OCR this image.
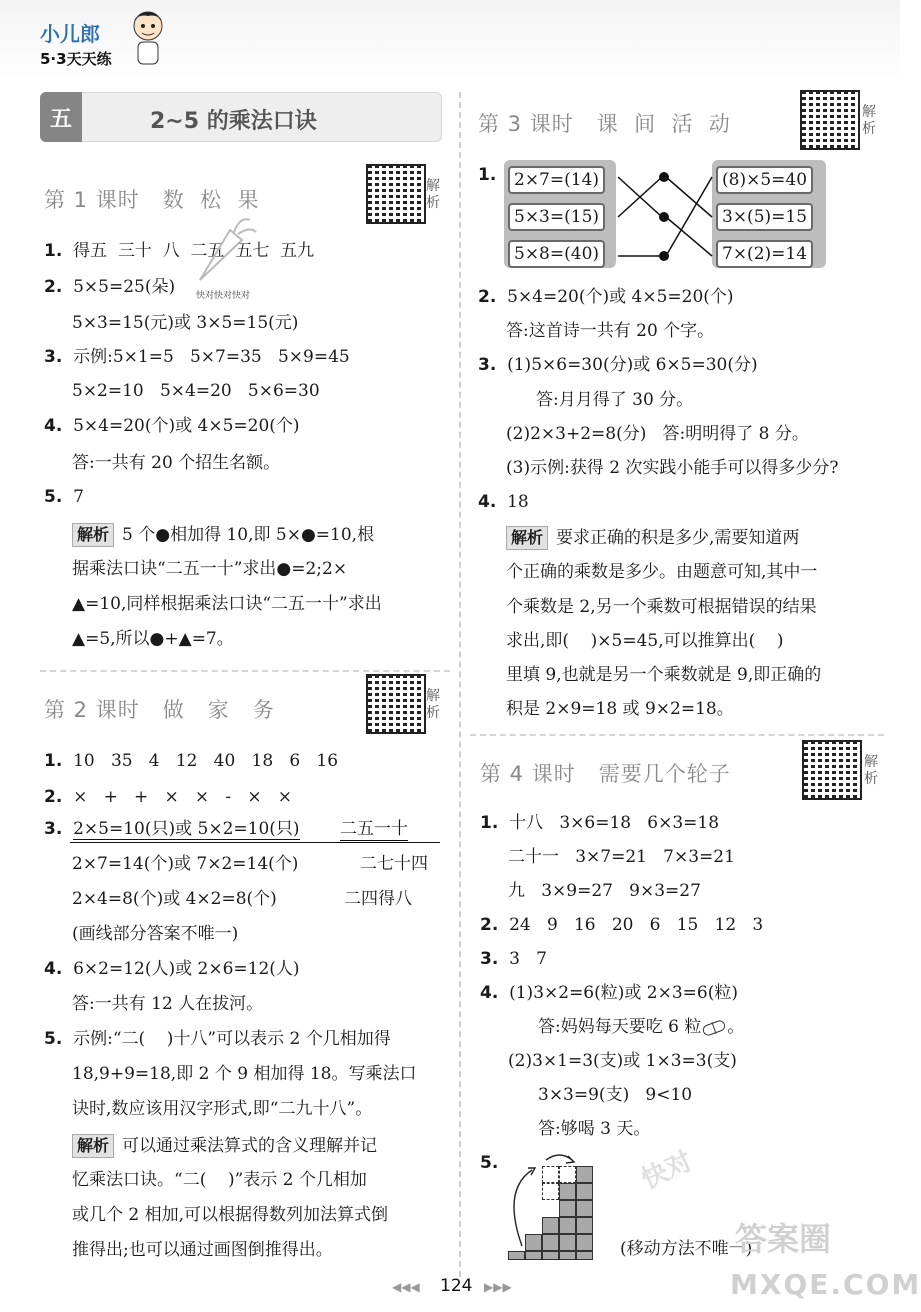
小儿郎
5·3天天练
五	2~5 的乘法口诀
第 1 课时   数  松  果
解析
1. 得五  三十  八  二五  五七  五九
快对快对快对
2. 5×5=25(朵)
5×3=15(元)或 3×5=15(元)
3. 示例:5×1=5   5×7=35   5×9=45
5×2=10   5×4=20   5×6=30
4. 5×4=20(个)或 4×5=20(个)
答:一共有 20 个招生名额。
5. 7
解析 5 个●相加得 10,即 5×●=10,根
据乘法口诀“二五一十”求出●=2;2×
▲=10,同样根据乘法口诀“二五一十”求出
▲=5,所以●+▲=7。
第 2 课时   做   家   务
解析
1. 10   35   4   12   40   18   6   16
2. ×   +   +   ×   ×   -   ×   ×
3. 2×5=10(只)或 5×2=10(只) 二五一十
2×7=14(个)或 7×2=14(个)	二七十四
2×4=8(个)或 4×2=8(个)	二四得八
(画线部分答案不唯一)
4. 6×2=12(人)或 2×6=12(人)
答:一共有 12 人在拔河。
5. 示例:“二(    )十八”可以表示 2 个几相加得
18,9+9=18,即 2 个 9 相加得 18。写乘法口
诀时,数应该用汉字形式,即“二九十八”。
解析 可以通过乘法算式的含义理解并记
忆乘法口诀。“二(    )”表示 2 个几相加
或几个 2 相加,可以根据得数列加法算式倒
推得出;也可以通过画图倒推得出。
第 3 课时   课  间  活  动	解析
1.	2×7=(14)
5×3=(15)
5×8=(40)
(8)×5=40
3×(5)=15
7×(2)=14
2. 5×4=20(个)或 4×5=20(个)
答:这首诗一共有 20 个字。
3. (1)5×6=30(分)或 6×5=30(分)
答:月月得了 30 分。
(2)2×3+2=8(分)   答:明明得了 8 分。
(3)示例:获得 2 次实践小能手可以得多少分?
4. 18
解析 要求正确的积是多少,需要知道两
个正确的乘数是多少。由题意可知,其中一
个乘数是 2,另一个乘数可根据错误的结果
求出,即(    )×5=45,可以推算出(    )
里填 9,也就是另一个乘数就是 9,即正确的
积是 2×9=18 或 9×2=18。
第 4 课时   需要几个轮子	解析
1. 十八   3×6=18   6×3=18
二十一   3×7=21   7×3=21
九   3×9=27   9×3=27
2. 24   9   16   20   6   15   12   3
3. 3   7
4. (1)3×2=6(粒)或 2×3=6(粒)
答:妈妈每天要吃 6 粒 。
(2)3×1=3(支)或 1×3=3(支)
3×3=9(支)   9<10
答:够喝 3 天。
5.
(移动方法不唯一)
快对
答案圈
MXQE.COM
◀◀◀ 124 ▶▶▶
